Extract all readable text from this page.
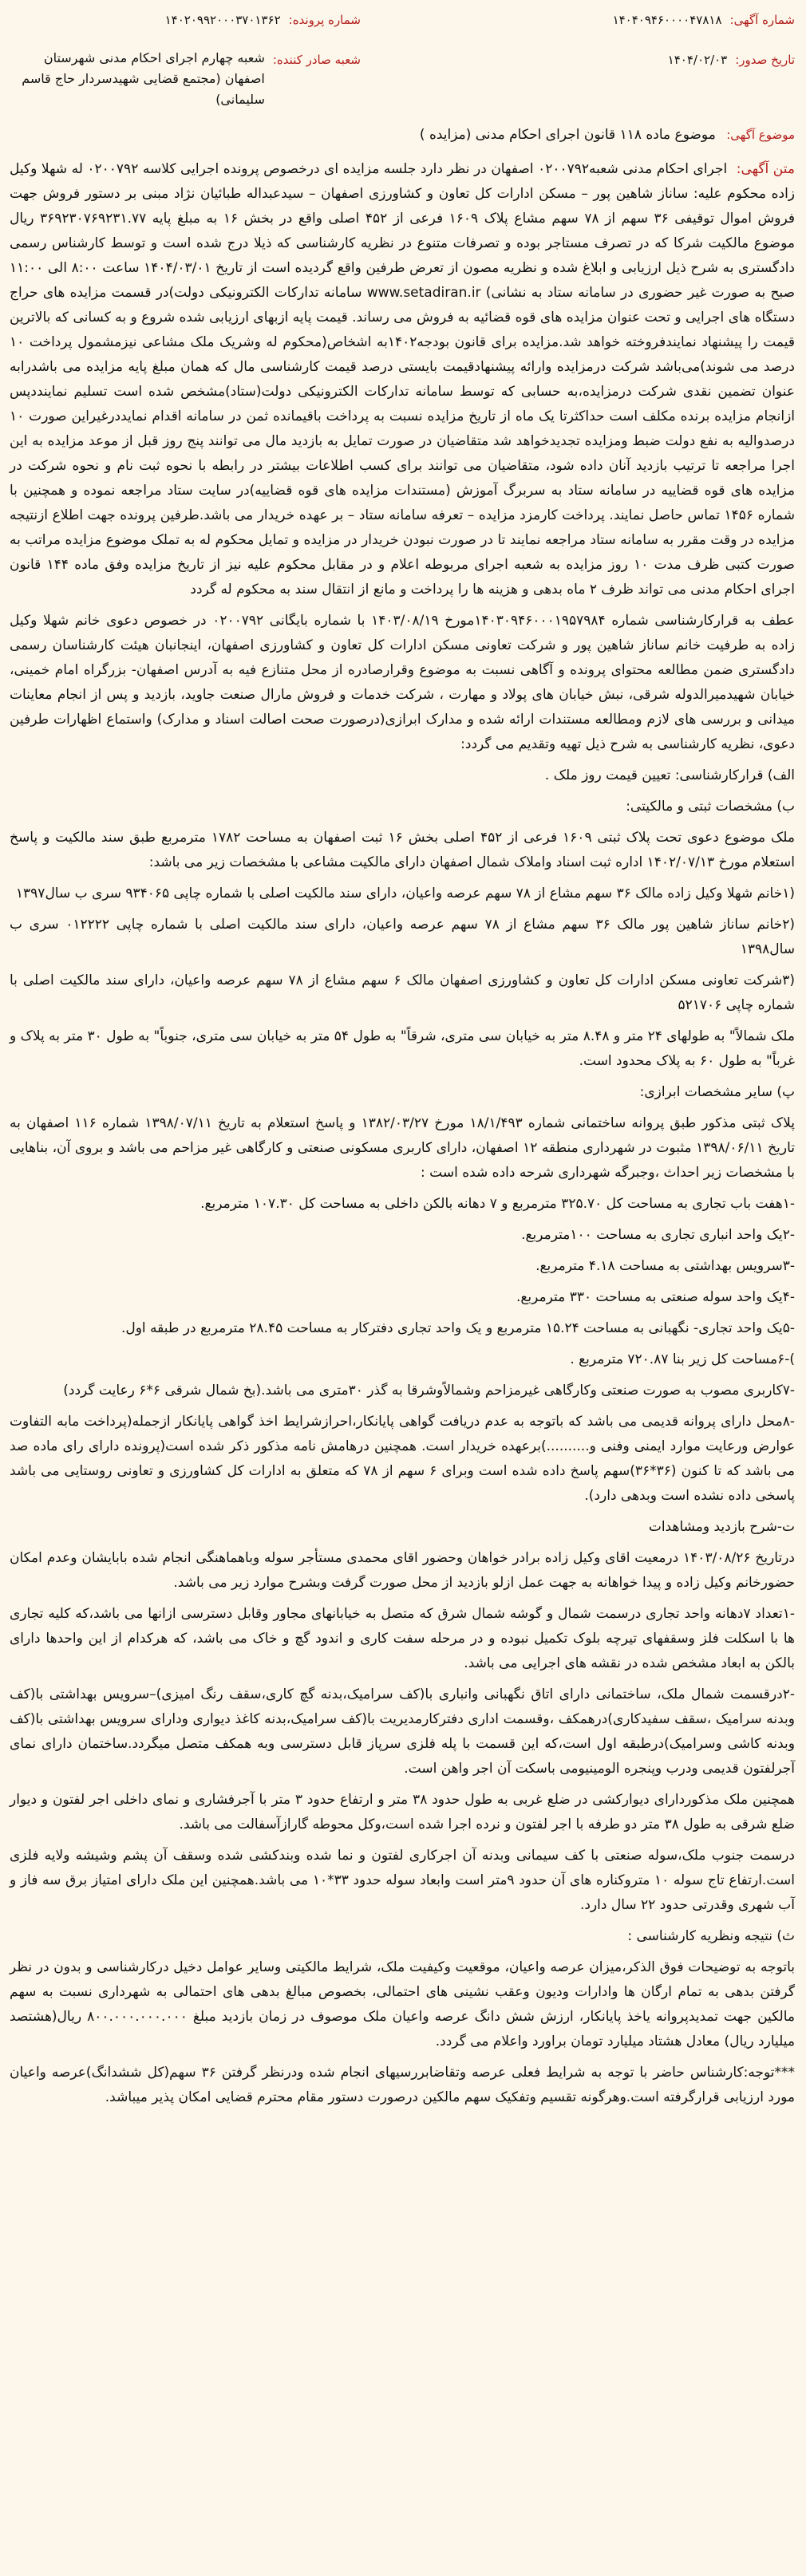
شماره آگهی:
۱۴۰۴۰۹۴۶۰۰۰۰۴۷۸۱۸
شماره پرونده:
۱۴۰۲۰۹۹۲۰۰۰۳۷۰۱۳۶۲
تاریخ صدور:
۱۴۰۴/۰۲/۰۳
شعبه صادر کننده:
شعبه چهارم اجرای احکام مدنی شهرستان اصفهان (مجتمع قضایی شهیدسردار حاج قاسم سلیمانی)
موضوع آگهی: موضوع ماده ۱۱۸ قانون اجرای احکام مدنی (مزایده )

متن آگهی: اجرای احکام مدنی شعبه۰۲۰۰۷۹۲ اصفهان در نظر دارد جلسه مزایده ای درخصوص پرونده اجرایی کلاسه ۰۲۰۰۷۹۲ له شهلا وکیل زاده محکوم علیه: ساناز شاهین پور – مسکن ادارات کل تعاون و کشاورزی اصفهان – سیدعبداله طبائیان نژاد مبنی بر دستور فروش جهت فروش اموال توقیفی ۳۶ سهم از ۷۸ سهم مشاع پلاک ۱۶۰۹ فرعی از ۴۵۲ اصلی واقع در بخش ۱۶ به مبلغ پایه ۳۶۹۲۳۰۷۶۹۲۳۱.۷۷ ریال موضوع مالکیت شرکا که در تصرف مستاجر بوده و تصرفات متنوع در نظریه کارشناسی که ذیلا درج شده است و توسط کارشناس رسمی دادگستری به شرح ذیل ارزیابی و ابلاغ شده و نظریه مصون از تعرض طرفین واقع گردیده است از تاریخ ۱۴۰۴/۰۳/۰۱ ساعت ۸:۰۰ الی ۱۱:۰۰ صبح به صورت غیر حضوری در سامانه ستاد به نشانی) www.setadiran.ir سامانه تدارکات الکترونیکی دولت)در قسمت مزایده های حراج دستگاه های اجرایی و تحت عنوان مزایده های قوه قضائیه به فروش می رساند. قیمت پایه ازبهای ارزیابی شده شروع و به کسانی که بالاترین قیمت را پیشنهاد نمایندفروخته خواهد شد.مزایده برای قانون بودجه۱۴۰۲به اشخاص(محکوم له وشریک ملک مشاعی نیزمشمول پرداخت ۱۰ درصد می شوند)می‌باشد شرکت درمزایده وارائه پیشنهادقیمت بایستی درصد قیمت کارشناسی مال که همان مبلغ پایه مزایده می باشدرابه عنوان تضمین نقدی شرکت درمزایده،به حسابی که توسط سامانه تدارکات الکترونیکی دولت(ستاد)مشخص شده است تسلیم نماینددپس ازانجام مزایده برنده مکلف است حداکثرتا یک ماه از تاریخ مزایده نسبت به پرداخت باقیمانده ثمن در سامانه اقدام نمایددرغیراین صورت ۱۰ درصدوالیه به نفع دولت ضبط ومزایده تجدیدخواهد شد متقاضیان در صورت تمایل به بازدید مال می توانند پنج روز قبل از موعد مزایده به این اجرا مراجعه تا ترتیب بازدید آنان داده شود، متقاضیان می توانند برای کسب اطلاعات بیشتر در رابطه با نحوه ثبت نام و نحوه شرکت در مزایده های قوه قضاییه در سامانه ستاد به سربرگ آموزش (مستندات مزایده های قوه قضاییه)در سایت ستاد مراجعه نموده و همچنین با شماره ۱۴۵۶ تماس حاصل نمایند. پرداخت کارمزد مزایده – تعرفه سامانه ستاد – بر عهده خریدار می باشد.طرفین پرونده جهت اطلاع ازنتیجه مزایده در وقت مقرر به سامانه ستاد مراجعه نمایند تا در صورت نبودن خریدار در مزایده و تمایل محکوم له به تملک موضوع مزایده مراتب به صورت کتبی ظرف مدت ۱۰ روز مزایده به شعبه اجرای مربوطه اعلام و در مقابل محکوم علیه نیز از تاریخ مزایده وفق ماده ۱۴۴ قانون اجرای احکام مدنی می تواند ظرف ۲ ماه بدهی و هزینه ها را پرداخت و مانع از انتقال سند به محکوم له گردد

عطف به قرارکارشناسی شماره ۱۴۰۳۰۹۴۶۰۰۰۱۹۵۷۹۸۴مورخ ۱۴۰۳/۰۸/۱۹ با شماره بایگانی ۰۲۰۰۷۹۲ در خصوص دعوی خانم شهلا وکیل زاده به طرفیت خانم ساناز شاهین پور و شرکت تعاونی مسکن ادارات کل تعاون و کشاورزی اصفهان، اینجانبان هیئت کارشناسان رسمی دادگستری ضمن مطالعه محتوای پرونده و آگاهی نسبت به موضوع وقرارصادره از محل متنازع فیه به آدرس اصفهان- بزرگراه امام خمینی، خیابان شهیدمیرالدوله شرقی، نبش خیابان های پولاد و مهارت ، شرکت خدمات و فروش مارال صنعت جاوید، بازدید و پس از انجام معاینات میدانی و بررسی های لازم ومطالعه مستندات ارائه شده و مدارک ابرازی(درصورت صحت اصالت اسناد و مدارک) واستماع اظهارات طرفین دعوی، نظریه کارشناسی به شرح ذیل تهیه وتقدیم می گردد:

الف) قرارکارشناسی: تعیین قیمت روز ملک .

ب) مشخصات ثبتی و مالکیتی:

ملک موضوع دعوی تحت پلاک ثبتی ۱۶۰۹ فرعی از ۴۵۲ اصلی بخش ۱۶ ثبت اصفهان به مساحت ۱۷۸۲ مترمربع طبق سند مالکیت و پاسخ استعلام مورخ ۱۴۰۲/۰۷/۱۳ اداره ثبت اسناد واملاک شمال اصفهان دارای مالکیت مشاعی با مشخصات زیر می باشد:

(۱خانم شهلا وکیل زاده مالک ۳۶ سهم مشاع از ۷۸ سهم عرصه واعیان، دارای سند مالکیت اصلی با شماره چاپی ۹۳۴۰۶۵ سری ب سال۱۳۹۷

(۲خانم ساناز شاهین پور مالک ۳۶ سهم مشاع از ۷۸ سهم عرصه واعیان، دارای سند مالکیت اصلی با شماره چاپی ۰۱۲۲۲۲ سری ب سال۱۳۹۸

(۳شرکت تعاونی مسکن ادارات کل تعاون و کشاورزی اصفهان مالک ۶ سهم مشاع از ۷۸ سهم عرصه واعیان، دارای سند مالکیت اصلی با شماره چاپی ۵۲۱۷۰۶

ملک شمالاً" به طولهای ۲۴ متر و ۸.۴۸ متر به خیابان سی متری، شرقاً" به طول ۵۴ متر به خیابان سی متری، جنوباً" به طول ۳۰ متر به پلاک و غرباً" به طول ۶۰ به پلاک محدود است.

پ) سایر مشخصات ابرازی:

پلاک ثبتی مذکور طبق پروانه ساختمانی شماره ۱۸/۱/۴۹۳ مورخ ۱۳۸۲/۰۳/۲۷ و پاسخ استعلام به تاریخ ۱۳۹۸/۰۷/۱۱ شماره ۱۱۶ اصفهان به تاریخ ۱۳۹۸/۰۶/۱۱ مثبوت در شهرداری منطقه ۱۲ اصفهان، دارای کاربری مسکونی صنعتی و کارگاهی غیر مزاحم می باشد و بروی آن، بناهایی با مشخصات زیر احداث ،وجبرگه شهرداری شرحه داده شده است :

-۱هفت باب تجاری به مساحت کل ۳۲۵.۷۰ مترمربع و ۷ دهانه بالکن داخلی به مساحت کل ۱۰۷.۳۰ مترمربع.

-۲یک واحد انباری تجاری به مساحت ۱۰۰مترمربع.

-۳سرویس بهداشتی به مساحت ۴.۱۸ مترمربع.

-۴یک واحد سوله صنعتی به مساحت ۳۳۰ مترمربع.

-۵یک واحد تجاری- نگهبانی به مساحت ۱۵.۲۴ مترمربع و یک واحد تجاری دفترکار به مساحت ۲۸.۴۵ مترمربع در طبقه اول.

)-۶مساحت کل زیر بنا ۷۲۰.۸۷ مترمربع .

-۷کاربری مصوب به صورت صنعتی وکارگاهی غیرمزاحم وشمالاًوشرقا به گذر ۳۰متری می باشد.(بخ شمال شرقی ۶*۶ رعایت گردد)

-۸محل دارای پروانه قدیمی می باشد که باتوجه به عدم دریافت گواهی پایانکار،احرازشرایط اخذ گواهی پایانکار ازجمله(پرداخت مابه التفاوت عوارض ورعایت موارد ایمنی وفنی و..........)برعهده خریدار است. همچنین درهامش نامه مذکور ذکر شده است(پرونده دارای رای ماده صد می باشد که تا کنون (۳۶*۳۶)سهم پاسخ داده شده است وبرای ۶ سهم از ۷۸ که متعلق به ادارات کل کشاورزی و تعاونی روستایی می باشد پاسخی داده نشده است وبدهی دارد).

ت-شرح بازدید ومشاهدات

درتاریخ ۱۴۰۳/۰۸/۲۶ درمعیت اقای وکیل زاده برادر خواهان وحضور اقای محمدی مستأجر سوله وباهماهنگی انجام شده بابایشان وعدم امکان حضورخانم وکیل زاده و پیدا خواهانه به جهت عمل ازلو بازدید از محل صورت گرفت وبشرح موارد زیر می باشد.

-۱تعداد ۷دهانه واحد تجاری درسمت شمال و گوشه شمال شرق که متصل به خیابانهای مجاور وقابل دسترسی ازانها می باشد،که کلیه تجاری ها با اسکلت فلز وسقفهای تیرچه بلوک تکمیل نبوده و در مرحله سفت کاری و اندود گچ و خاک می باشد، که هرکدام از این واحدها دارای بالکن به ابعاد مشخص شده در نقشه های اجرایی می باشد.

-۲درقسمت شمال ملک، ساختمانی دارای اتاق نگهبانی وانباری با(کف سرامیک،بدنه گچ کاری،سقف رنگ امیزی)–سرویس بهداشتی با(کف وبدنه سرامیک ،سقف سفیدکاری)درهمکف ،وقسمت اداری دفترکارمدیریت با(کف سرامیک،بدنه کاغذ دیواری ودارای سرویس بهداشتی با(کف وبدنه کاشی وسرامیک)درطبقه اول است،که این قسمت با پله فلزی سرپاز قابل دسترسی وبه همکف متصل میگردد.ساختمان دارای نمای آجرلفتون قدیمی ودرب وپنجره الومینیومی باسکت آن اجر واهن است.

همچنین ملک مذکوردارای دیوارکشی در ضلع غربی به طول حدود ۳۸ متر و ارتفاع حدود ۳ متر با آجرفشاری و نمای داخلی اجر لفتون و دیوار ضلع شرقی به طول ۳۸ متر دو طرفه با اجر لفتون و نرده اجرا شده است،وکل محوطه گارازآسفالت می باشد.

درسمت جنوب ملک،سوله صنعتی با کف سیمانی وبدنه آن اجرکاری لفتون و نما شده وبندکشی شده وسقف آن پشم وشیشه ولایه فلزی است.ارتفاع تاج سوله ۱۰ متروکناره های آن حدود ۹متر است وابعاد سوله حدود ۳۳*۱۰ می باشد.همچنین این ملک دارای امتیاز برق سه فاز و آب شهری وقدرتی حدود ۲۲ سال دارد.

ث) نتیجه ونظریه کارشناسی :

باتوجه به توضیحات فوق الذکر،میزان عرصه واعیان، موقعیت وکیفیت ملک، شرایط مالکیتی وسایر عوامل دخیل درکارشناسی و بدون در نظر گرفتن بدهی به تمام ارگان ها وادارات ودیون وعقب نشینی های احتمالی، بخصوص مبالغ بدهی های احتمالی به شهرداری نسبت به سهم مالکین جهت تمدیدپروانه یاخذ پایانکار، ارزش شش دانگ عرصه واعیان ملک موصوف در زمان بازدید مبلغ ۸۰۰.۰۰۰.۰۰۰.۰۰۰ ریال(هشتصد میلیارد ریال) معادل هشتاد میلیارد تومان براورد واعلام می گردد.

***توجه:کارشناس حاضر با توجه به شرایط فعلی عرصه وتقاضابررسیهای انجام شده ودرنظر گرفتن ۳۶ سهم(کل ششدانگ)عرصه واعیان مورد ارزیابی قرارگرفته است.وهرگونه تقسیم وتفکیک سهم مالکین درصورت دستور مقام محترم قضایی امکان پذیر میباشد.
